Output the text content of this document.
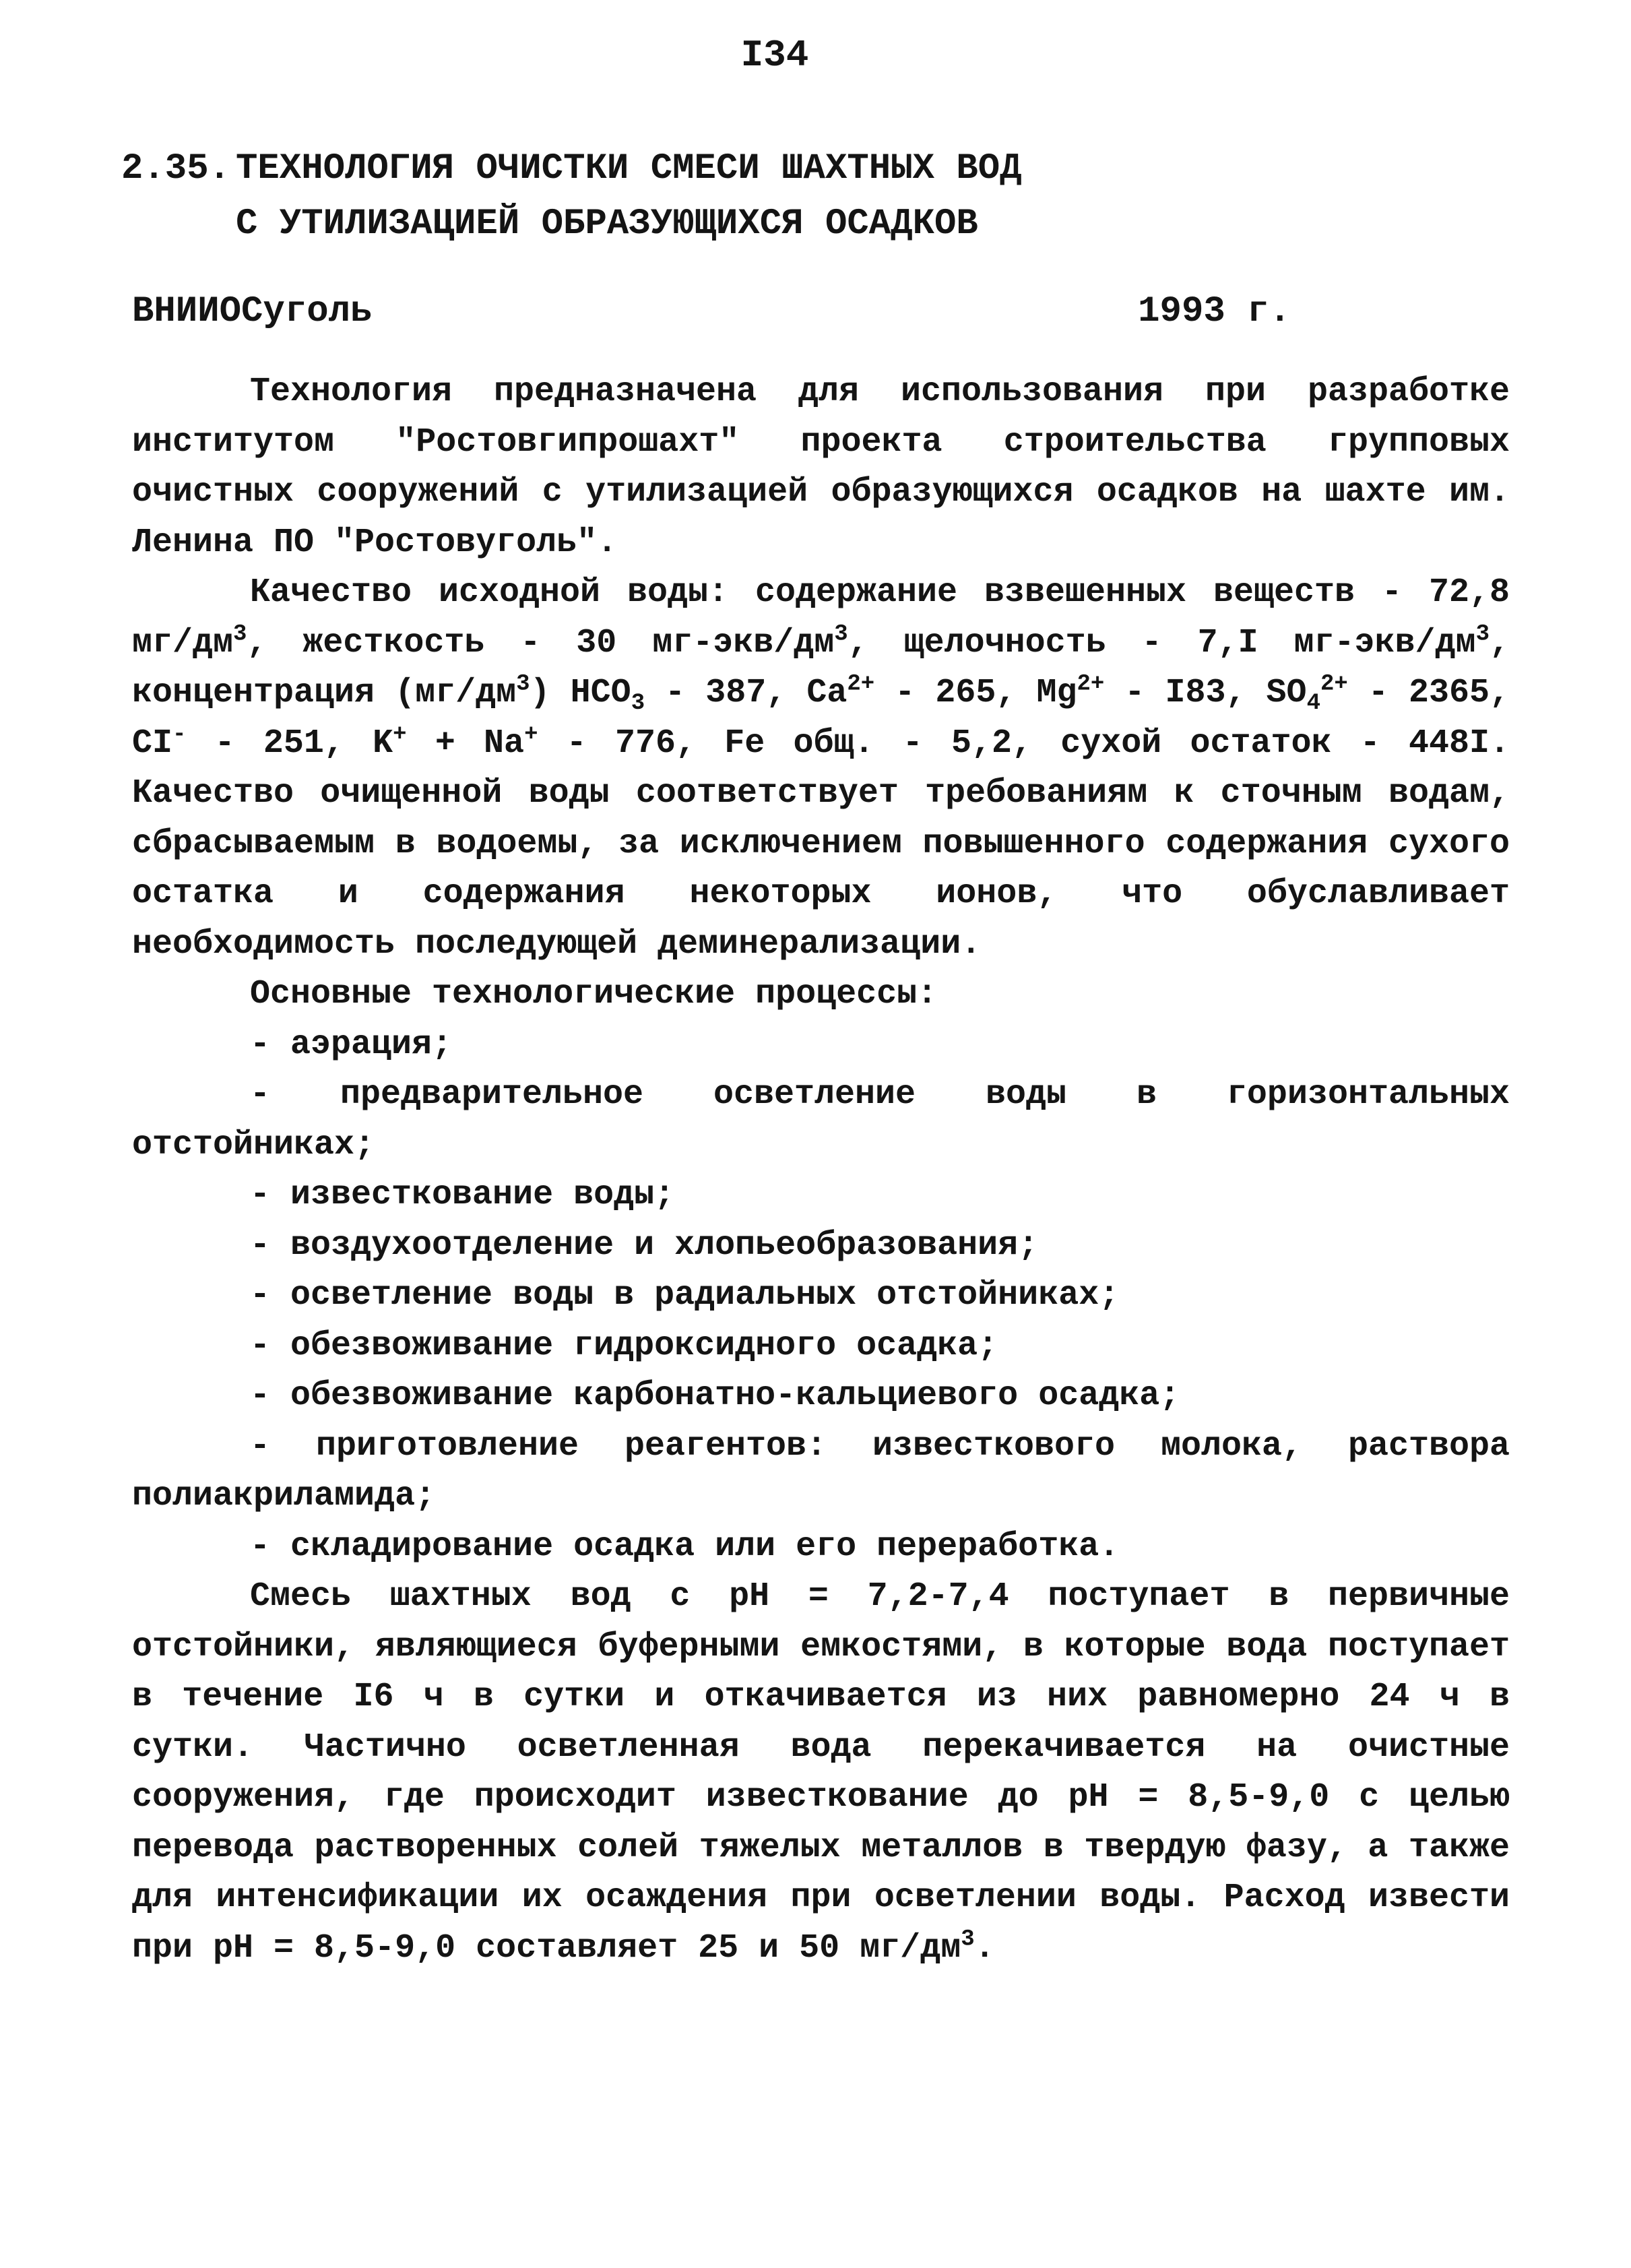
I34
2.35. ТЕХНОЛОГИЯ ОЧИСТКИ СМЕСИ ШАХТНЫХ ВОД
С УТИЛИЗАЦИЕЙ ОБРАЗУЮЩИХСЯ ОСАДКОВ
ВНИИОСуголь	1993 г.

Технология предназначена для использования при разработке институтом "Ростовгипрошахт" проекта строительства групповых очистных сооружений с утилизацией образующихся осадков на шахте им. Ленина ПО "Ростовуголь".

Качество исходной воды: содержание взвешенных веществ - 72,8 $мг/дм^3$, жесткость - 30 $мг-экв/дм^3$, щелочность - 7,I $мг-экв/дм^3$, концентрация $(мг/дм^3)$ $НСО_3 - 387$, $Са^{2+} - 265$, $Мg^{2+} - I83$, $SO_4^{2+} - 2365$, CI- - 251, K+ + Na+ - 776, Fe общ. - 5,2, сухой остаток - 448I. Качество очищенной воды соответствует требованиям к сточным водам, сбрасываемым в водоемы, за исключением повышенного содержания сухого остатка и содержания некоторых ионов, что обуславливает необходимость последующей деминерализации.

Основные технологические процессы:

- аэрация;

- предварительное осветление воды в горизонтальных отстойниках;

- известкование воды;

- воздухоотделение и хлопьеобразования;

- осветление воды в радиальных отстойниках;

- обезвоживание гидроксидного осадка;

- обезвоживание карбонатно-кальциевого осадка;

- приготовление реагентов: известкового молока, раствора полиакриламида;

- складирование осадка или его переработка.

Смесь шахтных вод с pH = 7,2-7,4 поступает в первичные отстойники, являющиеся буферными емкостями, в которые вода поступает в течение I6 ч в сутки и откачивается из них равномерно 24 ч в сутки. Частично осветленная вода перекачивается на очистные сооружения, где происходит известкование до pH = 8,5-9,0 с целью перевода растворенных солей тяжелых металлов в твердую фазу, а также для интенсификации их осаждения при осветлении воды. Расход извести при pH = 8,5-9,0 составляет 25 и 50 $мг/дм^3$.
